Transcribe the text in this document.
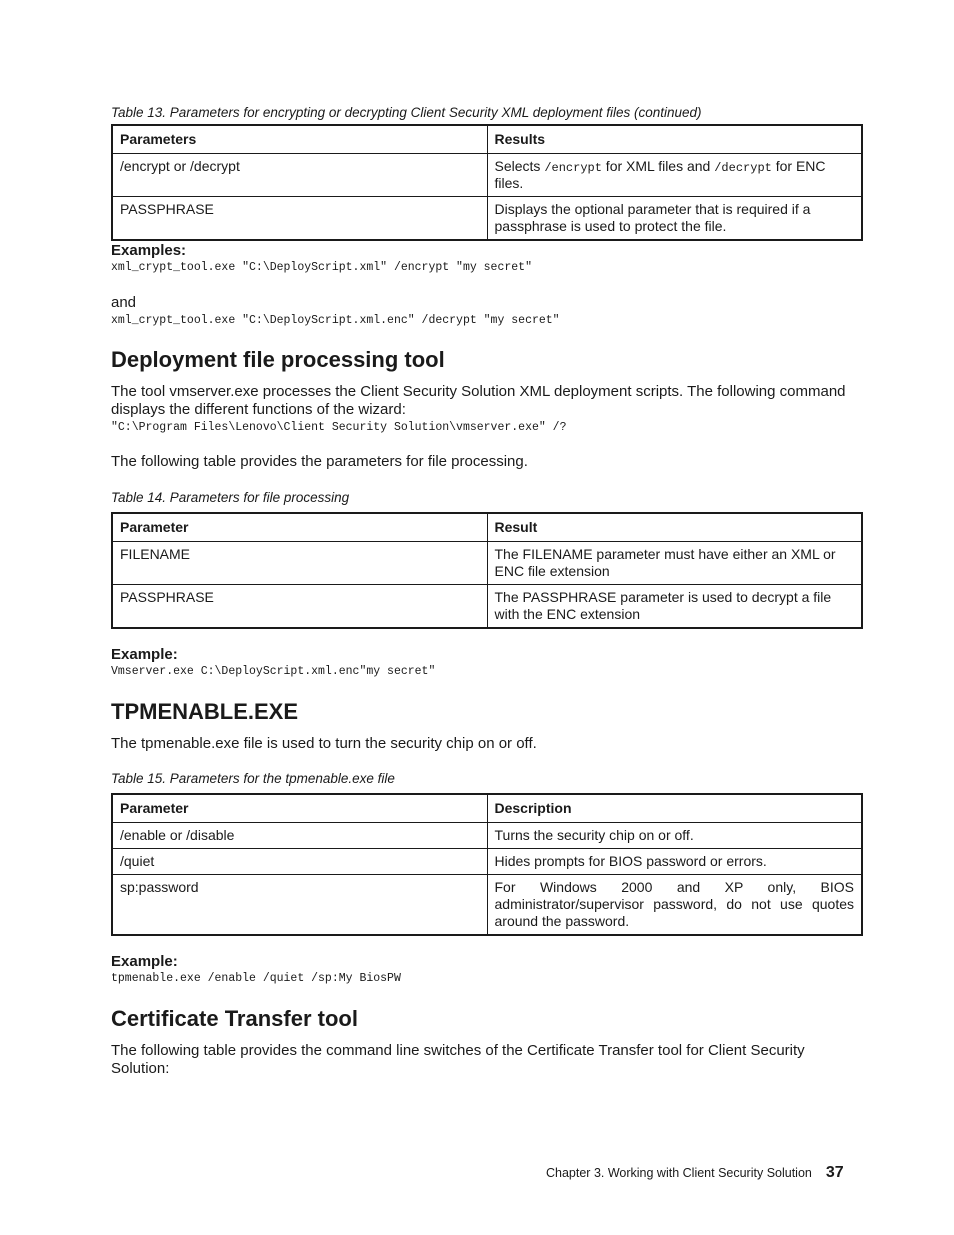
Table 13. Parameters for encrypting or decrypting Client Security XML deployment files (continued)
Parameters	Results
/encrypt or /decrypt	Selects /encrypt for XML files and /decrypt for ENC files.
PASSPHRASE	Displays the optional parameter that is required if a passphrase is used to protect the file.
Examples:
xml_crypt_tool.exe "C:\DeployScript.xml" /encrypt "my secret"
and
xml_crypt_tool.exe "C:\DeployScript.xml.enc" /decrypt "my secret"
Deployment file processing tool
The tool vmserver.exe processes the Client Security Solution XML deployment scripts. The following command displays the different functions of the wizard:
"C:\Program Files\Lenovo\Client Security Solution\vmserver.exe" /?
The following table provides the parameters for file processing.
Table 14. Parameters for file processing
Parameter	Result
FILENAME	The FILENAME parameter must have either an XML or ENC file extension
PASSPHRASE	The PASSPHRASE parameter is used to decrypt a file with the ENC extension
Example:
Vmserver.exe C:\DeployScript.xml.enc"my secret"
TPMENABLE.EXE
The tpmenable.exe file is used to turn the security chip on or off.
Table 15. Parameters for the tpmenable.exe file
Parameter	Description
/enable or /disable	Turns the security chip on or off.
/quiet	Hides prompts for BIOS password or errors.
sp:password	For Windows 2000 and XP only, BIOS administrator/supervisor password, do not use quotes around the password.
Example:
tpmenable.exe /enable /quiet /sp:My BiosPW
Certificate Transfer tool
The following table provides the command line switches of the Certificate Transfer tool for Client Security Solution:
Chapter 3. Working with Client Security Solution 37
